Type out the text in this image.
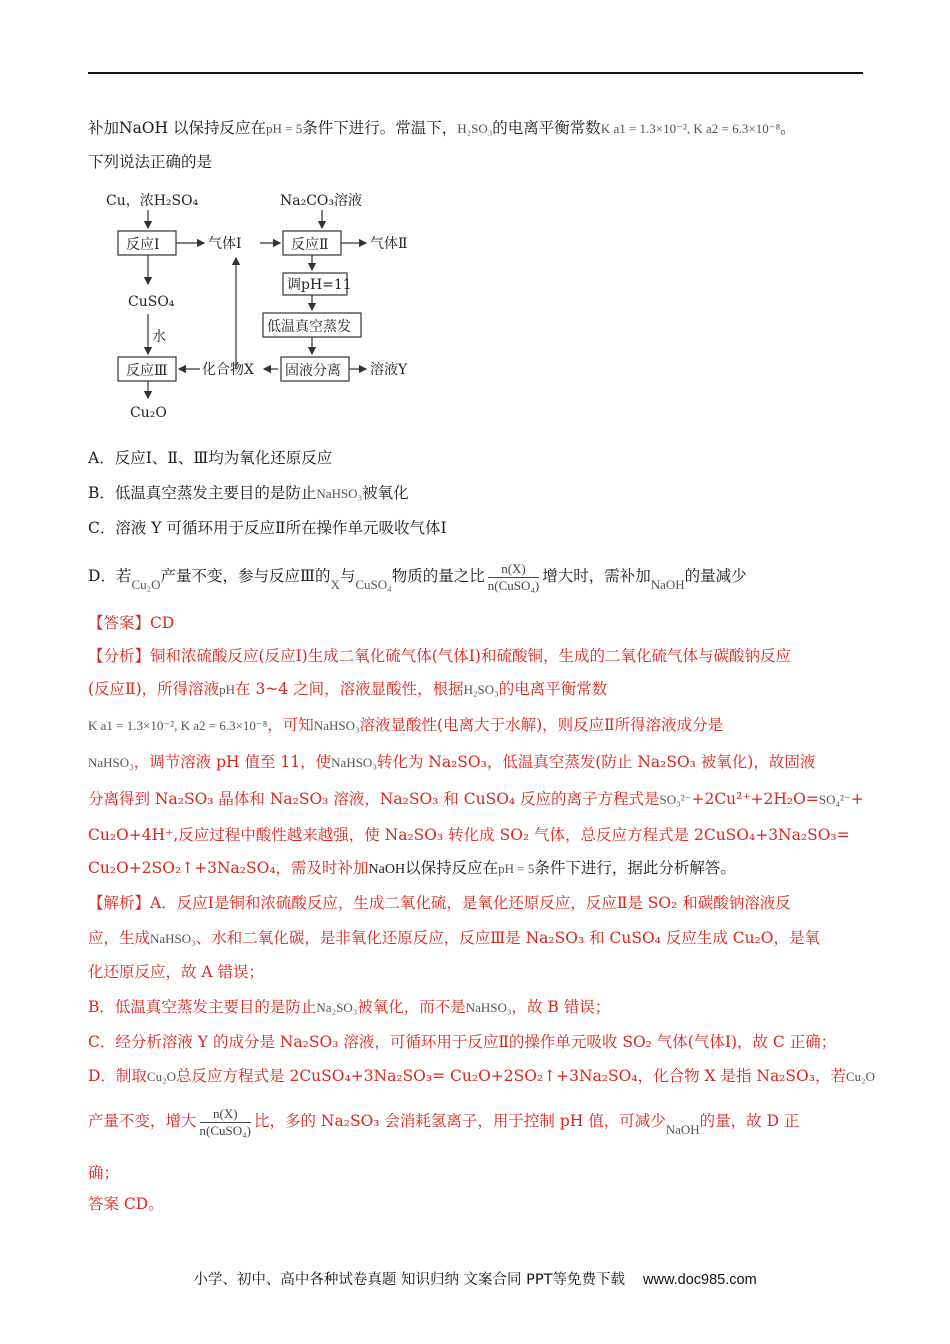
补加NaOH 以保持反应在pH = 5条件下进行。常温下，H₂SO₃的电离平衡常数K a1 = 1.3×10⁻², K a2 = 6.3×10⁻⁸。
下列说法正确的是
Cu，浓H₂SO₄	Na₂CO₃溶液
反应Ⅰ	气体Ⅰ	反应Ⅱ	气体Ⅱ
CuSO₄
水
反应Ⅲ
Cu₂O
化合物X
调pH=11
低温真空蒸发
固液分离 溶液Y
A．反应Ⅰ、Ⅱ、Ⅲ均为氧化还原反应
B．低温真空蒸发主要目的是防止NaHSO₃被氧化
C．溶液 Y 可循环用于反应Ⅱ所在操作单元吸收气体Ⅰ
D．若$_{Cu_2O}$产量不变，参与反应Ⅲ的$_X$与$_{CuSO_4}$物质的量之比 $\frac{n(X)}{\text{n(CuSO₄)}}$ 增大时，需补加$_{NaOH}$的量减少
【答案】CD
【分析】铜和浓硫酸反应(反应Ⅰ)生成二氧化硫气体(气体Ⅰ)和硫酸铜，生成的二氧化硫气体与碳酸钠反应
(反应Ⅱ)，所得溶液pH在 3~4 之间，溶液显酸性，根据H₂SO₃的电离平衡常数
K a1 = 1.3×10⁻², K a2 = 6.3×10⁻⁸，可知NaHSO₃溶液显酸性(电离大于水解)，则反应Ⅱ所得溶液成分是
NaHSO₃，调节溶液 pH 值至 11，使NaHSO₃转化为 Na₂SO₃，低温真空蒸发(防止 Na₂SO₃ 被氧化)，故固液
分离得到 Na₂SO₃ 晶体和 Na₂SO₃ 溶液，Na₂SO₃ 和 CuSO₄ 反应的离子方程式是SO₃²⁻+2Cu²⁺+2H₂O=SO₄²⁻+
Cu₂O+4H⁺,反应过程中酸性越来越强，使 Na₂SO₃ 转化成 SO₂ 气体，总反应方程式是 2CuSO₄+3Na₂SO₃=
Cu₂O+2SO₂↑+3Na₂SO₄，需及时补加NaOH以保持反应在pH = 5条件下进行，据此分析解答。
【解析】A．反应Ⅰ是铜和浓硫酸反应，生成二氧化硫，是氧化还原反应，反应Ⅱ是 SO₂ 和碳酸钠溶液反
应，生成NaHSO₃、水和二氧化碳，是非氧化还原反应，反应Ⅲ是 Na₂SO₃ 和 CuSO₄ 反应生成 Cu₂O，是氧
化还原反应，故 A 错误；
B．低温真空蒸发主要目的是防止Na₂SO₃被氧化，而不是NaHSO₃，故 B 错误；
C．经分析溶液 Y 的成分是 Na₂SO₃ 溶液，可循环用于反应Ⅱ的操作单元吸收 SO₂ 气体(气体Ⅰ)，故 C 正确；
D．制取Cu₂O总反应方程式是 2CuSO₄+3Na₂SO₃= Cu₂O+2SO₂↑+3Na₂SO₄，化合物 X 是指 Na₂SO₃，若Cu₂O
产量不变，增大 $\frac{n(X)}{\text{n(CuSO₄)}}$ 比，多的 Na₂SO₃ 会消耗氢离子，用于控制 pH 值，可减少$_{NaOH}$的量，故 D 正
确；
答案 CD。
小学、初中、高中各种试卷真题 知识归纳 文案合同 PPT等免费下载 www.doc985.com
